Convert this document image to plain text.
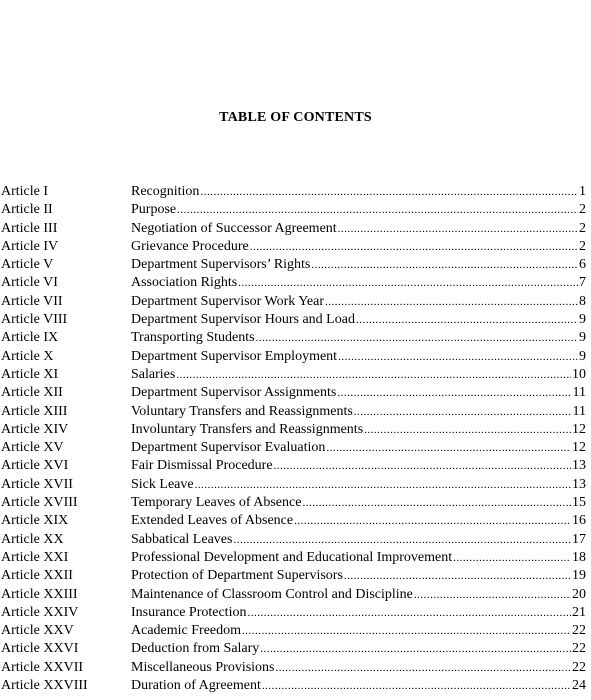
TABLE OF CONTENTS
Article I	Recognition .....	1
Article II	Purpose .....	2
Article III	Negotiation of Successor Agreement .....	2
Article IV	Grievance Procedure .....	2
Article V	Department Supervisors’ Rights .....	6
Article VI	Association Rights .....	7
Article VII	Department Supervisor Work Year .....	8
Article VIII	Department Supervisor Hours and Load .....	9
Article IX	Transporting Students .....	9
Article X	Department Supervisor Employment .....	9
Article XI	Salaries .....	10
Article XII	Department Supervisor Assignments .....	11
Article XIII	Voluntary Transfers and Reassignments .....	11
Article XIV	Involuntary Transfers and Reassignments .....	12
Article XV	Department Supervisor Evaluation .....	12
Article XVI	Fair Dismissal Procedure .....	13
Article XVII	Sick Leave .....	13
Article XVIII	Temporary Leaves of Absence .....	15
Article XIX	Extended Leaves of Absence .....	16
Article XX	Sabbatical Leaves .....	17
Article XXI	Professional Development and Educational Improvement .....	18
Article XXII	Protection of Department Supervisors .....	19
Article XXIII	Maintenance of Classroom Control and Discipline .....	20
Article XXIV	Insurance Protection .....	21
Article XXV	Academic Freedom .....	22
Article XXVI	Deduction from Salary .....	22
Article XXVII	Miscellaneous Provisions .....	22
Article XXVIII	Duration of Agreement .....	24
